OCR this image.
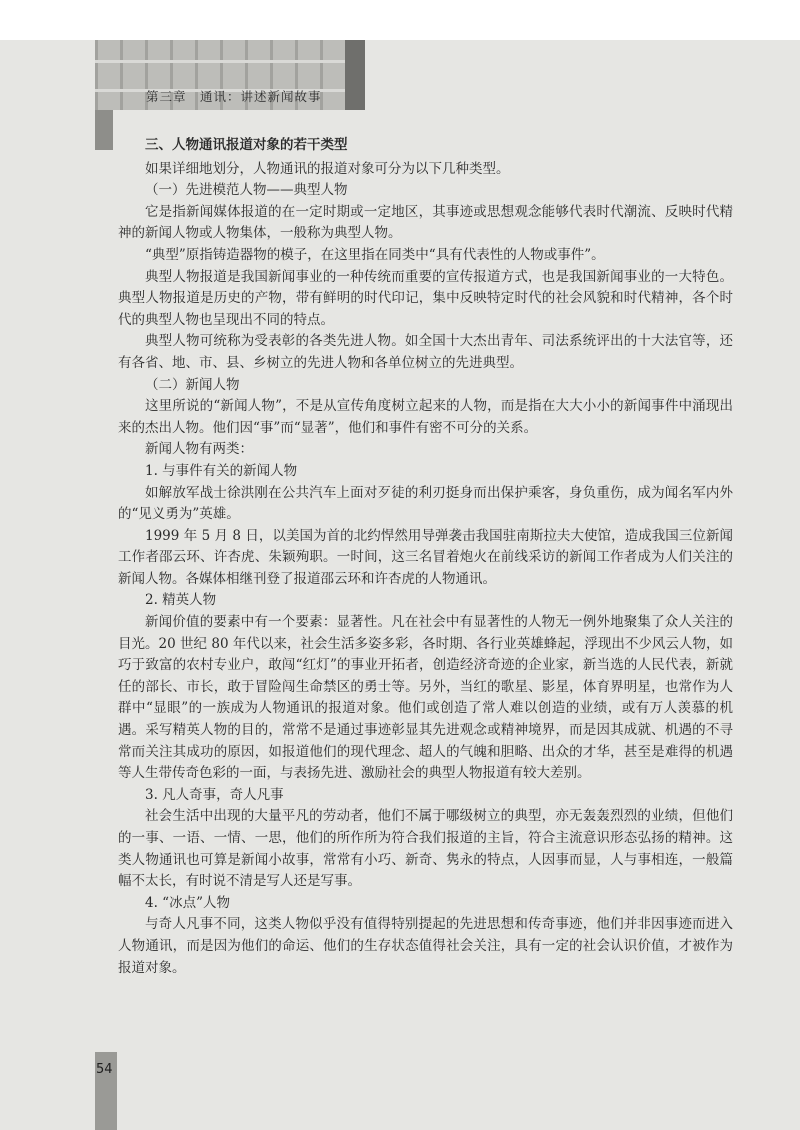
第三章　通讯：讲述新闻故事

三、人物通讯报道对象的若干类型

如果详细地划分，人物通讯的报道对象可分为以下几种类型。

（一）先进模范人物——典型人物

它是指新闻媒体报道的在一定时期或一定地区，其事迹或思想观念能够代表时代潮流、反映时代精神的新闻人物或人物集体，一般称为典型人物。

“典型”原指铸造器物的模子，在这里指在同类中“具有代表性的人物或事件”。

典型人物报道是我国新闻事业的一种传统而重要的宣传报道方式，也是我国新闻事业的一大特色。典型人物报道是历史的产物，带有鲜明的时代印记，集中反映特定时代的社会风貌和时代精神，各个时代的典型人物也呈现出不同的特点。

典型人物可统称为受表彰的各类先进人物。如全国十大杰出青年、司法系统评出的十大法官等，还有各省、地、市、县、乡树立的先进人物和各单位树立的先进典型。

（二）新闻人物

这里所说的“新闻人物”，不是从宣传角度树立起来的人物，而是指在大大小小的新闻事件中涌现出来的杰出人物。他们因“事”而“显著”，他们和事件有密不可分的关系。

新闻人物有两类：

1. 与事件有关的新闻人物

如解放军战士徐洪刚在公共汽车上面对歹徒的利刃挺身而出保护乘客，身负重伤，成为闻名军内外的“见义勇为”英雄。

1999 年 5 月 8 日，以美国为首的北约悍然用导弹袭击我国驻南斯拉夫大使馆，造成我国三位新闻工作者邵云环、许杏虎、朱颖殉职。一时间，这三名冒着炮火在前线采访的新闻工作者成为人们关注的新闻人物。各媒体相继刊登了报道邵云环和许杏虎的人物通讯。

2. 精英人物

新闻价值的要素中有一个要素：显著性。凡在社会中有显著性的人物无一例外地聚集了众人关注的目光。20 世纪 80 年代以来，社会生活多姿多彩，各时期、各行业英雄蜂起，浮现出不少风云人物，如巧于致富的农村专业户，敢闯“红灯”的事业开拓者，创造经济奇迹的企业家，新当选的人民代表，新就任的部长、市长，敢于冒险闯生命禁区的勇士等。另外，当红的歌星、影星，体育界明星，也常作为人群中“显眼”的一族成为人物通讯的报道对象。他们或创造了常人难以创造的业绩，或有万人羡慕的机遇。采写精英人物的目的，常常不是通过事迹彰显其先进观念或精神境界，而是因其成就、机遇的不寻常而关注其成功的原因，如报道他们的现代理念、超人的气魄和胆略、出众的才华，甚至是难得的机遇等人生带传奇色彩的一面，与表扬先进、激励社会的典型人物报道有较大差别。

3. 凡人奇事，奇人凡事

社会生活中出现的大量平凡的劳动者，他们不属于哪级树立的典型，亦无轰轰烈烈的业绩，但他们的一事、一语、一情、一思，他们的所作所为符合我们报道的主旨，符合主流意识形态弘扬的精神。这类人物通讯也可算是新闻小故事，常常有小巧、新奇、隽永的特点，人因事而显，人与事相连，一般篇幅不太长，有时说不清是写人还是写事。

4. “冰点”人物

与奇人凡事不同，这类人物似乎没有值得特别提起的先进思想和传奇事迹，他们并非因事迹而进入人物通讯，而是因为他们的命运、他们的生存状态值得社会关注，具有一定的社会认识价值，才被作为报道对象。

54
